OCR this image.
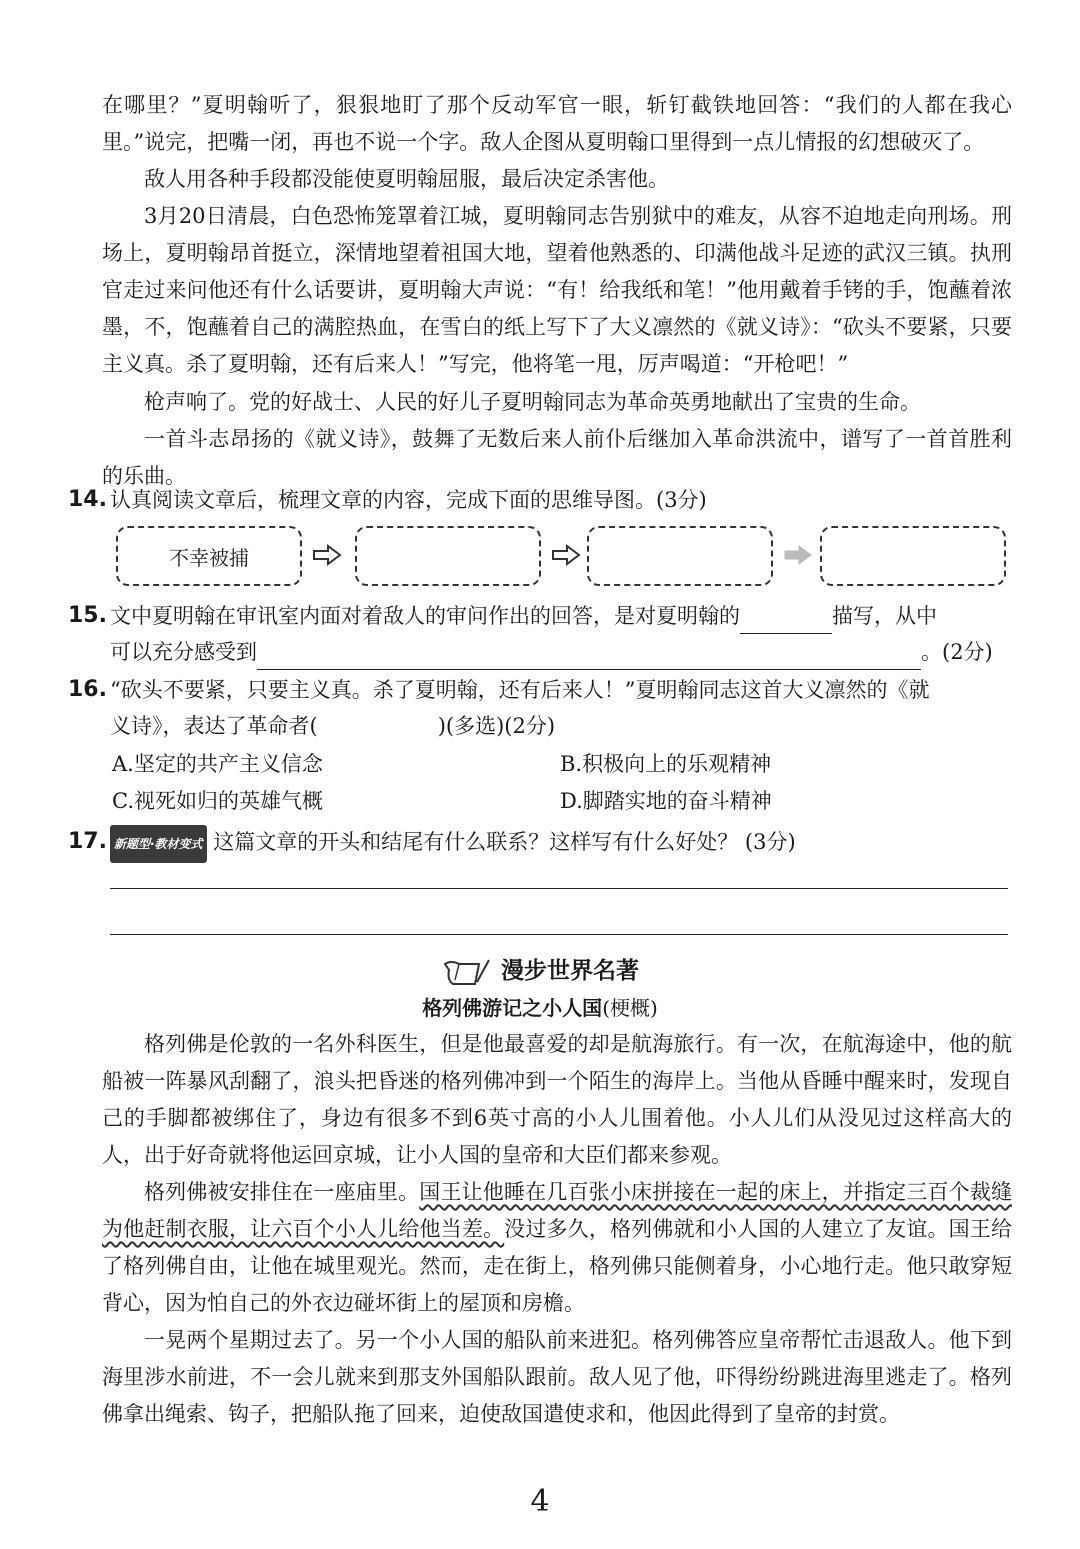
在哪里？”夏明翰听了，狠狠地盯了那个反动军官一眼，斩钉截铁地回答：“我们的人都在我心里。”说完，把嘴一闭，再也不说一个字。敌人企图从夏明翰口里得到一点儿情报的幻想破灭了。

敌人用各种手段都没能使夏明翰屈服，最后决定杀害他。

3月20日清晨，白色恐怖笼罩着江城，夏明翰同志告别狱中的难友，从容不迫地走向刑场。刑场上，夏明翰昂首挺立，深情地望着祖国大地，望着他熟悉的、印满他战斗足迹的武汉三镇。执刑官走过来问他还有什么话要讲，夏明翰大声说：“有！给我纸和笔！”他用戴着手铐的手，饱蘸着浓墨，不，饱蘸着自己的满腔热血，在雪白的纸上写下了大义凛然的《就义诗》：“砍头不要紧，只要主义真。杀了夏明翰，还有后来人！”写完，他将笔一甩，厉声喝道：“开枪吧！”

枪声响了。党的好战士、人民的好儿子夏明翰同志为革命英勇地献出了宝贵的生命。

一首斗志昂扬的《就义诗》，鼓舞了无数后来人前仆后继加入革命洪流中，谱写了一首首胜利的乐曲。

14. 认真阅读文章后，梳理文章的内容，完成下面的思维导图。(3分)
不幸被捕
15. 文中夏明翰在审讯室内面对着敌人的审问作出的回答，是对夏明翰的	描写，从中
可以充分感受到	。(2分)
16. “砍头不要紧，只要主义真。杀了夏明翰，还有后来人！”夏明翰同志这首大义凛然的《就
义诗》，表达了革命者(	)(多选)(2分)
A.坚定的共产主义信念	B.积极向上的乐观精神
C.视死如归的英雄气概	D.脚踏实地的奋斗精神
17. 新题型·教材变式 这篇文章的开头和结尾有什么联系？这样写有什么好处？ (3分)
漫步世界名著
格列佛游记之小人国(梗概)

格列佛是伦敦的一名外科医生，但是他最喜爱的却是航海旅行。有一次，在航海途中，他的航船被一阵暴风刮翻了，浪头把昏迷的格列佛冲到一个陌生的海岸上。当他从昏睡中醒来时，发现自己的手脚都被绑住了，身边有很多不到6英寸高的小人儿围着他。小人儿们从没见过这样高大的人，出于好奇就将他运回京城，让小人国的皇帝和大臣们都来参观。

格列佛被安排住在一座庙里。国王让他睡在几百张小床拼接在一起的床上，并指定三百个裁缝为他赶制衣服，让六百个小人儿给他当差。没过多久，格列佛就和小人国的人建立了友谊。国王给了格列佛自由，让他在城里观光。然而，走在街上，格列佛只能侧着身，小心地行走。他只敢穿短背心，因为怕自己的外衣边碰坏街上的屋顶和房檐。

一晃两个星期过去了。另一个小人国的船队前来进犯。格列佛答应皇帝帮忙击退敌人。他下到海里涉水前进，不一会儿就来到那支外国船队跟前。敌人见了他，吓得纷纷跳进海里逃走了。格列佛拿出绳索、钩子，把船队拖了回来，迫使敌国遣使求和，他因此得到了皇帝的封赏。

4
